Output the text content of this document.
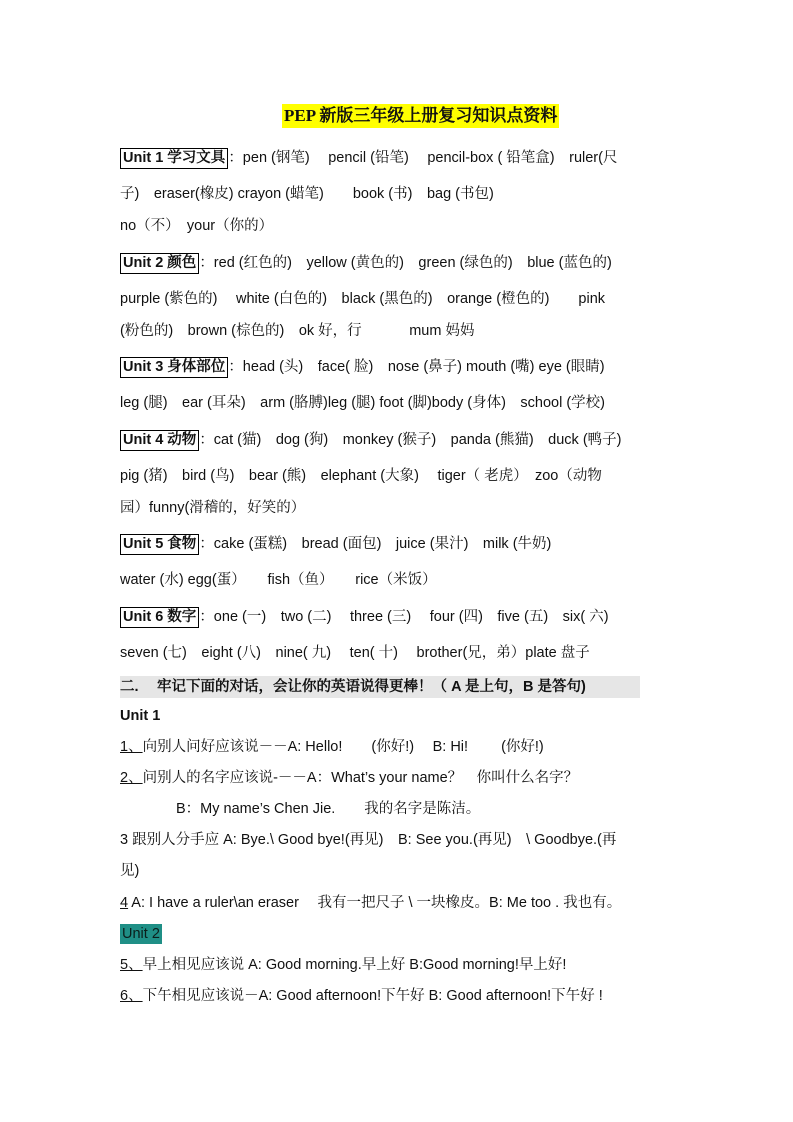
PEP 新版三年级上册复习知识点资料
Unit 1 学习文具 ：pen (钢笔)　 pencil (铅笔)　 pencil-box ( 铅笔盒)　ruler(尺
子)　eraser(橡皮) crayon (蜡笔)　　book (书)　bag (书包)
no（不）　your（你的）
Unit 2 颜色 ：red (红色的)　yellow (黄色的)　green (绿色的)　blue (蓝色的)
purple (紫色的)　 white (白色的)　black (黑色的)　orange (橙色的)　　pink
(粉色的)　brown (棕色的)　ok 好，行　　　 mum 妈妈
Unit 3 身体部位 ：head (头)　face( 脸)　nose (鼻子) mouth (嘴) eye (眼睛)
leg (腿)　ear (耳朵)　arm (胳膊)leg (腿) foot (脚)body (身体)　school (学校)
Unit 4 动物 ：cat (猫)　dog (狗)　monkey (猴子)　panda (熊猫)　duck (鸭子)
pig (猪)　bird (鸟)　bear (熊)　elephant (大象)　 tiger（ 老虎）　zoo（动物
园）funny(滑稽的，好笑的）
Unit 5 食物 ：cake (蛋糕)　bread (面包)　juice (果汁)　milk (牛奶)
water (水) egg(蛋）　　fish（鱼）　　rice（米饭）
Unit 6 数字 ：one (一)　two (二)　 three (三)　 four (四)　five (五)　six( 六)
seven (七)　eight (八)　nine( 九)　 ten( 十)　 brother(兄，弟）plate 盘子
二.　 牢记下面的对话，会让你的英语说得更棒！（ A 是上句，B 是答句)
Unit 1
1、向别人问好应该说－－A: Hello!　　(你好!)　 B: Hi!　　 (你好!)
2、问别人的名字应该说-－－A：What’s your name？　你叫什么名字？
B：My name’s Chen Jie.　　我的名字是陈洁。
3 跟别人分手应 A: Bye.\ Good bye!(再见)　B: See you.(再见)　\ Goodbye.(再
见)
4 A: I have a ruler\an eraser　 我有一把尺子 \ 一块橡皮。B: Me too . 我也有。
Unit 2
5、早上相见应该说 A: Good morning.早上好 B:Good morning!早上好!
6、下午相见应该说－A: Good afternoon!下午好 B: Good afternoon!下午好 !
